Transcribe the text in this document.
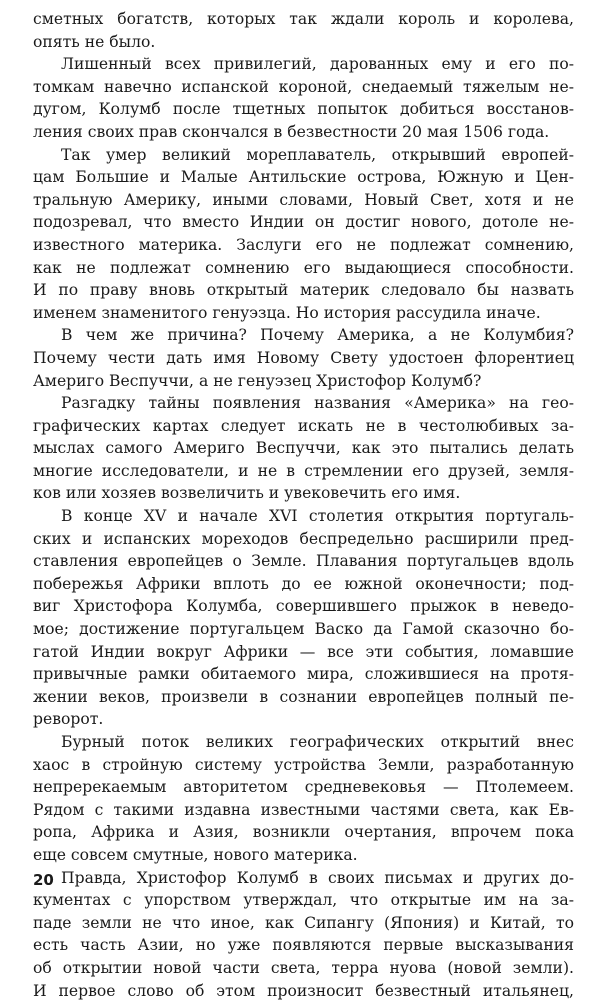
сметных богатств, которых так ждали король и королева,
опять не было.
Лишенный всех привилегий, дарованных ему и его по-
томкам навечно испанской короной, снедаемый тяжелым не-
дугом, Колумб после тщетных попыток добиться восстанов-
ления своих прав скончался в безвестности 20 мая 1506 года.
Так умер великий мореплаватель, открывший европей-
цам Большие и Малые Антильские острова, Южную и Цен-
тральную Америку, иными словами, Новый Свет, хотя и не
подозревал, что вместо Индии он достиг нового, дотоле не-
известного материка. Заслуги его не подлежат сомнению,
как не подлежат сомнению его выдающиеся способности.
И по праву вновь открытый материк следовало бы назвать
именем знаменитого генуэзца. Но история рассудила иначе.
В чем же причина? Почему Америка, а не Колумбия?
Почему чести дать имя Новому Свету удостоен флорентиец
Америго Веспуччи, а не генуэзец Христофор Колумб?
Разгадку тайны появления названия «Америка» на гео-
графических картах следует искать не в честолюбивых за-
мыслах самого Америго Веспуччи, как это пытались делать
многие исследователи, и не в стремлении его друзей, земля-
ков или хозяев возвеличить и увековечить его имя.
В конце XV и начале XVI столетия открытия португаль-
ских и испанских мореходов беспредельно расширили пред-
ставления европейцев о Земле. Плавания португальцев вдоль
побережья Африки вплоть до ее южной оконечности; под-
виг Христофора Колумба, совершившего прыжок в неведо-
мое; достижение португальцем Васко да Гамой сказочно бо-
гатой Индии вокруг Африки — все эти события, ломавшие
привычные рамки обитаемого мира, сложившиеся на протя-
жении веков, произвели в сознании европейцев полный пе-
реворот.
Бурный поток великих географических открытий внес
хаос в стройную систему устройства Земли, разработанную
непререкаемым авторитетом средневековья — Птолемеем.
Рядом с такими издавна известными частями света, как Ев-
ропа, Африка и Азия, возникли очертания, впрочем пока
еще совсем смутные, нового материка.
Правда, Христофор Колумб в своих письмах и других до-
кументах с упорством утверждал, что открытые им на за-
паде земли не что иное, как Сипангу (Япония) и Китай, то
есть часть Азии, но уже появляются первые высказывания
об открытии новой части света, терра нуова (новой земли).
И первое слово об этом произносит безвестный итальянец,
20
